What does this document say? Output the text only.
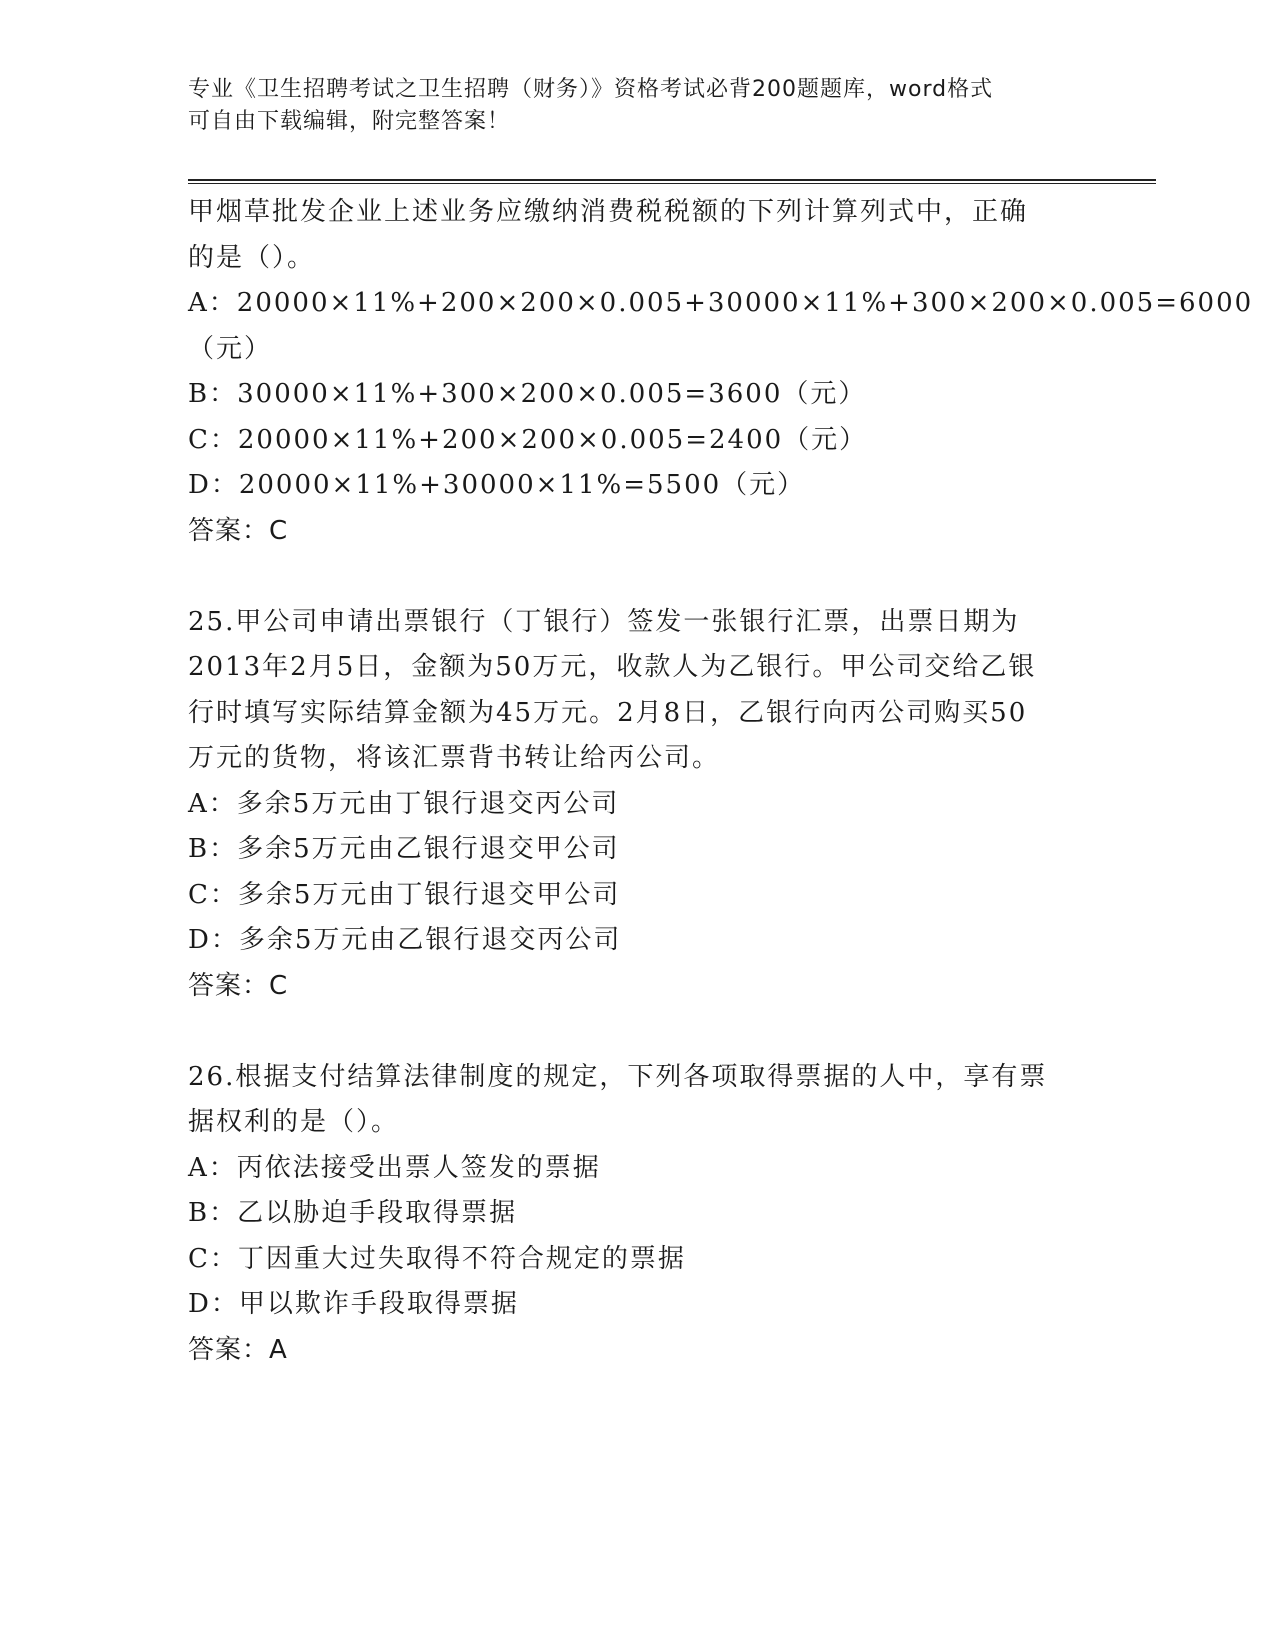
专业《卫生招聘考试之卫生招聘（财务）》资格考试必背200题题库，word格式
可自由下载编辑，附完整答案！
甲烟草批发企业上述业务应缴纳消费税税额的下列计算列式中，正确
的是（）。
A：20000×11%+200×200×0.005+30000×11%+300×200×0.005=6000
（元）
B：30000×11%+300×200×0.005=3600（元）
C：20000×11%+200×200×0.005=2400（元）
D：20000×11%+30000×11%=5500（元）
答案：C
25.甲公司申请出票银行（丁银行）签发一张银行汇票，出票日期为
2013年2月5日，金额为50万元，收款人为乙银行。甲公司交给乙银
行时填写实际结算金额为45万元。2月8日，乙银行向丙公司购买50
万元的货物，将该汇票背书转让给丙公司。
A：多余5万元由丁银行退交丙公司
B：多余5万元由乙银行退交甲公司
C：多余5万元由丁银行退交甲公司
D：多余5万元由乙银行退交丙公司
答案：C
26.根据支付结算法律制度的规定，下列各项取得票据的人中，享有票
据权利的是（）。
A：丙依法接受出票人签发的票据
B：乙以胁迫手段取得票据
C：丁因重大过失取得不符合规定的票据
D：甲以欺诈手段取得票据
答案：A
